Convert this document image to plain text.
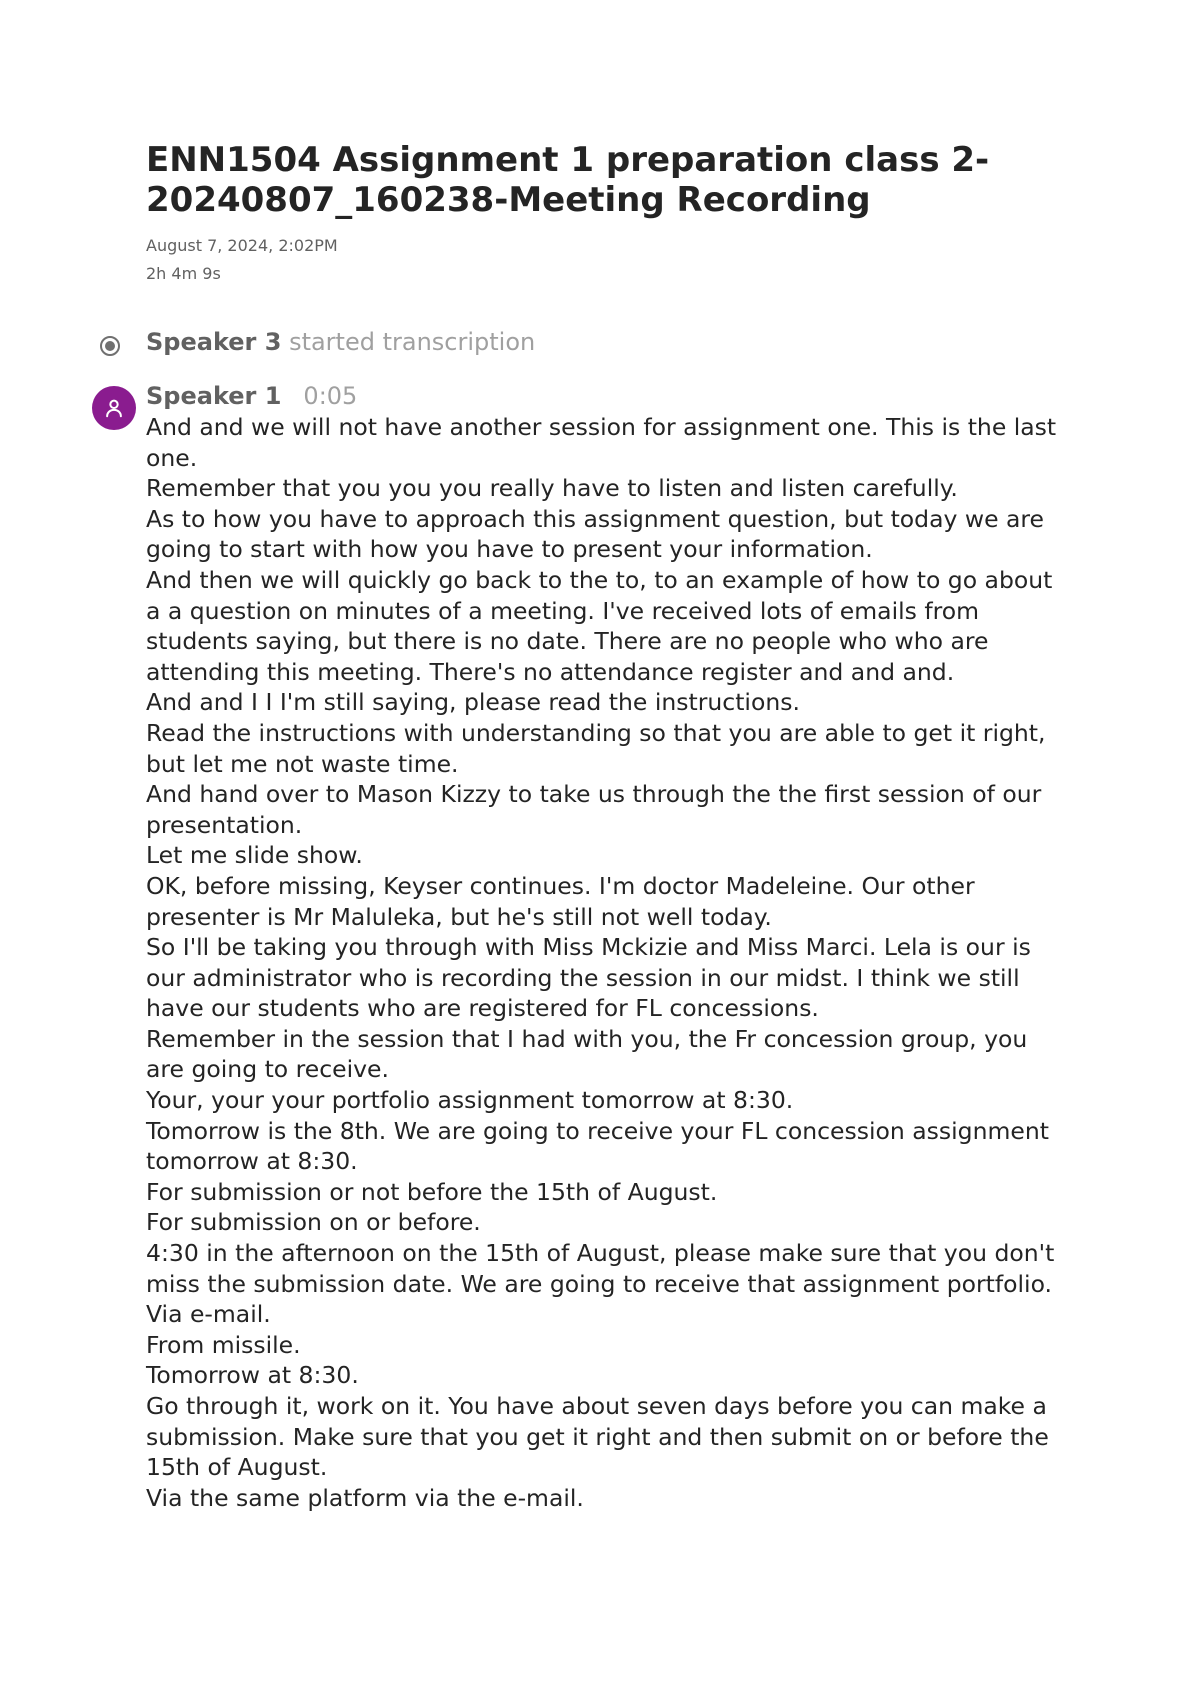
ENN1504 Assignment 1 preparation class 2-20240807_160238-Meeting Recording
August 7, 2024, 2:02PM
2h 4m 9s
Speaker 3 started transcription
Speaker 1 0:05
And and we will not have another session for assignment one. This is the last one.
Remember that you you you really have to listen and listen carefully.
As to how you have to approach this assignment question, but today we are going to start with how you have to present your information.
And then we will quickly go back to the to, to an example of how to go about a a question on minutes of a meeting. I've received lots of emails from students saying, but there is no date. There are no people who who are attending this meeting. There's no attendance register and and and.
And and I I I'm still saying, please read the instructions.
Read the instructions with understanding so that you are able to get it right, but let me not waste time.
And hand over to Mason Kizzy to take us through the the first session of our presentation.
Let me slide show.
OK, before missing, Keyser continues. I'm doctor Madeleine. Our other presenter is Mr Maluleka, but he's still not well today.
So I'll be taking you through with Miss Mckizie and Miss Marci. Lela is our is our administrator who is recording the session in our midst. I think we still have our students who are registered for FL concessions.
Remember in the session that I had with you, the Fr concession group, you are going to receive.
Your, your your portfolio assignment tomorrow at 8:30.
Tomorrow is the 8th. We are going to receive your FL concession assignment tomorrow at 8:30.
For submission or not before the 15th of August.
For submission on or before.
4:30 in the afternoon on the 15th of August, please make sure that you don't miss the submission date. We are going to receive that assignment portfolio.
Via e-mail.
From missile.
Tomorrow at 8:30.
Go through it, work on it. You have about seven days before you can make a submission. Make sure that you get it right and then submit on or before the 15th of August.
Via the same platform via the e-mail.
